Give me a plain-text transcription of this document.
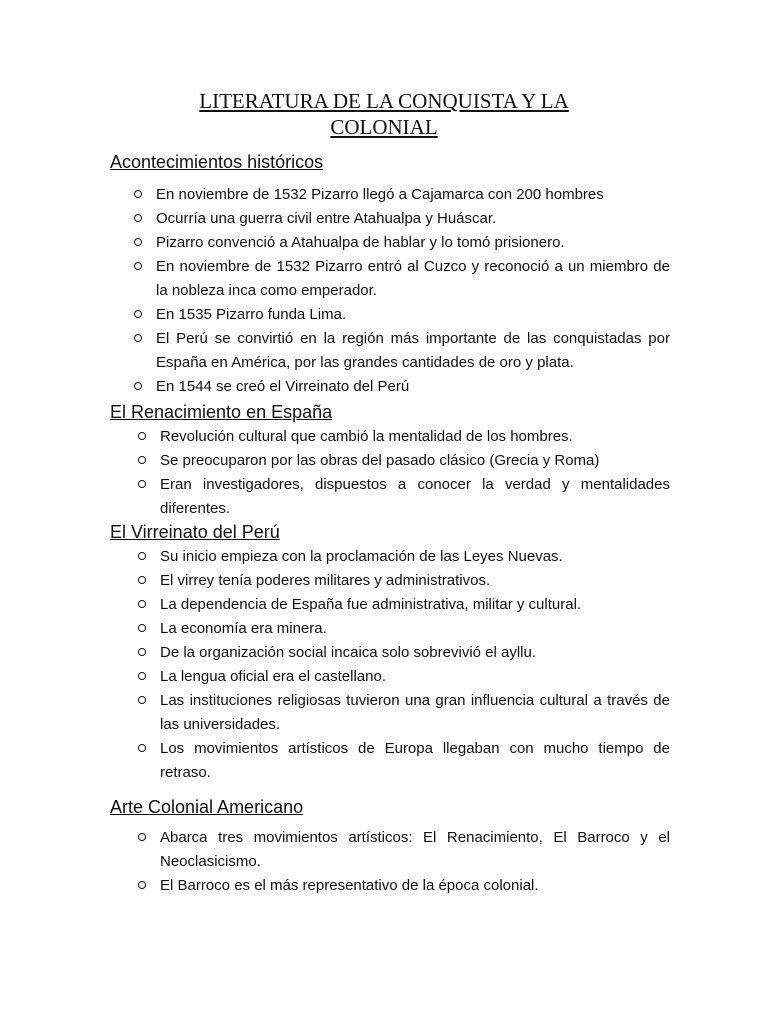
LITERATURA DE LA CONQUISTA Y LA
COLONIAL
Acontecimientos históricos
En noviembre de 1532 Pizarro llegó a Cajamarca con 200 hombres
Ocurría una guerra civil entre Atahualpa y Huáscar.
Pizarro convenció a Atahualpa de hablar y lo tomó prisionero.
En noviembre de 1532 Pizarro entró al Cuzco y reconoció a un miembro de la nobleza inca como emperador.
En 1535 Pizarro funda Lima.
El Perú se convirtió en la región más importante de las conquistadas por España en América, por las grandes cantidades de oro y plata.
En 1544 se creó el Virreinato del Perú
El Renacimiento en España
Revolución cultural que cambió la mentalidad de los hombres.
Se preocuparon por las obras del pasado clásico (Grecia y Roma)
Eran investigadores, dispuestos a conocer la verdad y mentalidades diferentes.
El Virreinato del Perú
Su inicio empieza con la proclamación de las Leyes Nuevas.
El virrey tenía poderes militares y administrativos.
La dependencia de España fue administrativa, militar y cultural.
La economía era minera.
De la organización social incaica solo sobrevivió el ayllu.
La lengua oficial era el castellano.
Las instituciones religiosas tuvieron una gran influencia cultural a través de las universidades.
Los movimientos artísticos de Europa llegaban con mucho tiempo de retraso.
Arte Colonial Americano
Abarca tres movimientos artísticos: El Renacimiento, El Barroco y el Neoclasicismo.
El Barroco es el más representativo de la época colonial.
